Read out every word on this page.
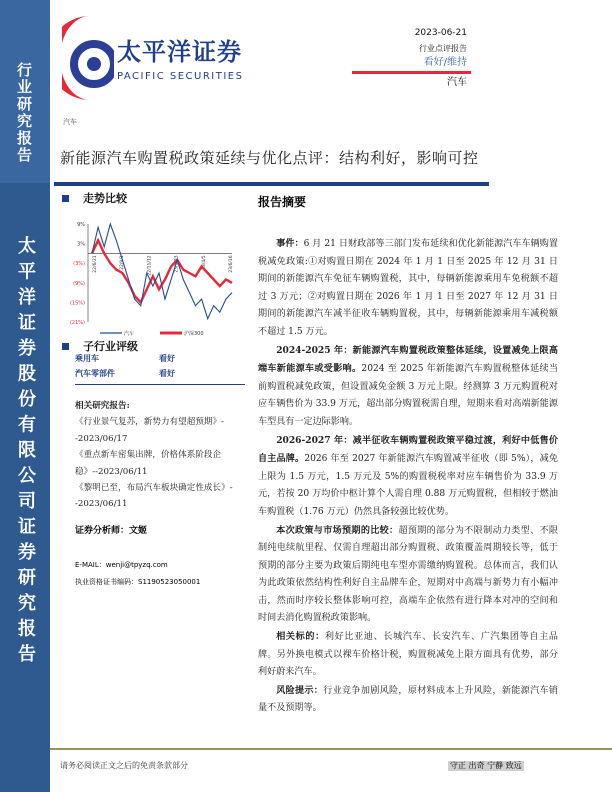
行业研究报告
太平洋证券股份有限公司证券研究报告
太平洋证券
PACIFIC SECURITIES
2023-06-21
行业点评报告
看好/维持
汽车
汽车
新能源汽车购置税政策延续与优化点评：结构利好，影响可控
走势比较
9%
3%
(3%)
(9%)
(15%)
(21%)
22/6/21	22/9/1	22/11/12	23/1/23	23/4/5	23/6/16
汽车	沪深300
子行业评级
乘用车	看好
汽车零部件	看好
相关研究报告:
《行业景气复苏，新势力有望超预期》--2023/06/17
《重点新车密集出牌，价格体系阶段企稳》--2023/06/11
《黎明已至，布局汽车板块确定性成长》--2023/06/11
证券分析师：文姬
E-MAIL：wenji@tpyzq.com
执业资格证书编码：S1190523050001
报告摘要

事件：6 月 21 日财政部等三部门发布延续和优化新能源汽车车辆购置税减免政策:①对购置日期在 2024 年 1 月 1 日至 2025 年 12 月 31 日期间的新能源汽车免征车辆购置税，其中，每辆新能源乘用车免税额不超过 3 万元；②对购置日期在 2026 年 1 月 1 日至 2027 年 12 月 31 日期间的新能源汽车减半征收车辆购置税，其中，每辆新能源乘用车减税额不超过 1.5 万元。

2024-2025 年：新能源汽车购置税政策整体延续，设置减免上限高端车新能源车或受影响。2024 至 2025 年新能源汽车购置税整体延续当前购置税减免政策，但设置减免金额 3 万元上限。经测算 3 万元购置税对应车辆售价为 33.9 万元，超出部分购置税需自理，短期来看对高端新能源车型具有一定边际影响。

2026-2027 年：减半征收车辆购置税政策平稳过渡，利好中低售价自主品牌。2026 年至 2027 年新能源汽车购置减半征收（即 5%），减免上限为 1.5 万元，1.5 万元及 5%的购置税税率对应车辆售价为 33.9 万元，若按 20 万均价中枢计算个人需自理 0.88 万元购置税，但相较于燃油车购置税（1.76 万元）仍然具备较强比较优势。

本次政策与市场预期的比较：超预期的部分为不限制动力类型、不限制纯电续航里程、仅需自理超出部分购置税、政策覆盖周期较长等，低于预期的部分主要为政策后期纯电车型亦需缴纳购置税。总体而言，我们认为此政策依然结构性利好自主品牌车企，短期对中高端与新势力有小幅冲击，然而时序较长整体影响可控，高端车企依然有进行降本对冲的空间和时间去消化购置税政策影响。

相关标的：利好比亚迪、长城汽车、长安汽车、广汽集团等自主品牌。另外换电模式以裸车价格计税，购置税减免上限方面具有优势，部分利好蔚来汽车。

风险提示：行业竞争加剧风险，原材料成本上升风险，新能源汽车销量不及预期等。

请务必阅读正文之后的免责条款部分	守正 出奇 宁静 致远
